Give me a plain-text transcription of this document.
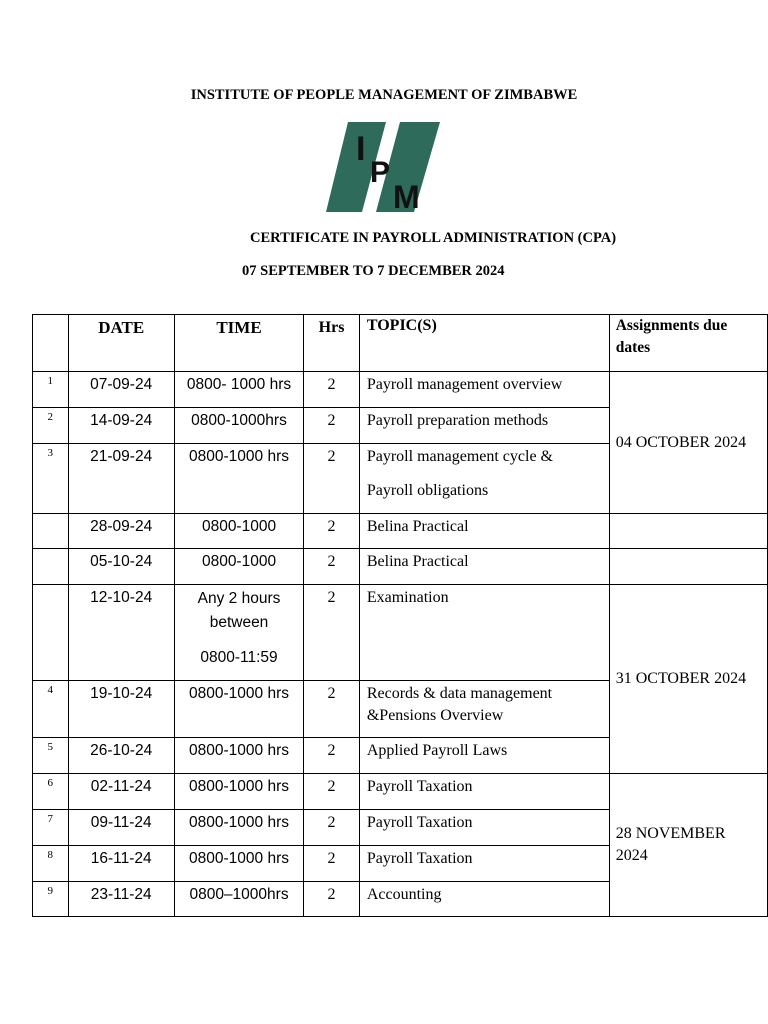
INSTITUTE OF PEOPLE MANAGEMENT OF ZIMBABWE
I
P
M
CERTIFICATE IN PAYROLL ADMINISTRATION (CPA)
07 SEPTEMBER TO 7 DECEMBER 2024
	DATE	TIME	Hrs	TOPIC(S)	Assignments due dates
1	07-09-24	0800- 1000 hrs	2	Payroll management overview	04 OCTOBER 2024
2	14-09-24	0800-1000hrs	2	Payroll preparation methods	
3	21-09-24	0800-1000 hrs	2	Payroll management cycle &
Payroll obligations	

	28-09-24	0800-1000	2	Belina Practical	
	05-10-24	0800-1000	2	Belina Practical	
	12-10-24	Any 2 hours between
0800-11:59	2	Examination	31 OCTOBER 2024
4	19-10-24	0800-1000 hrs	2	Records & data management &Pensions Overview	
5	26-10-24	0800-1000 hrs	2	Applied Payroll Laws	
6	02-11-24	0800-1000 hrs	2	Payroll Taxation	28 NOVEMBER 2024
7	09-11-24	0800-1000 hrs	2	Payroll Taxation	
8	16-11-24	0800-1000 hrs	2	Payroll Taxation	
9	23-11-24	0800–1000hrs	2	Accounting	
